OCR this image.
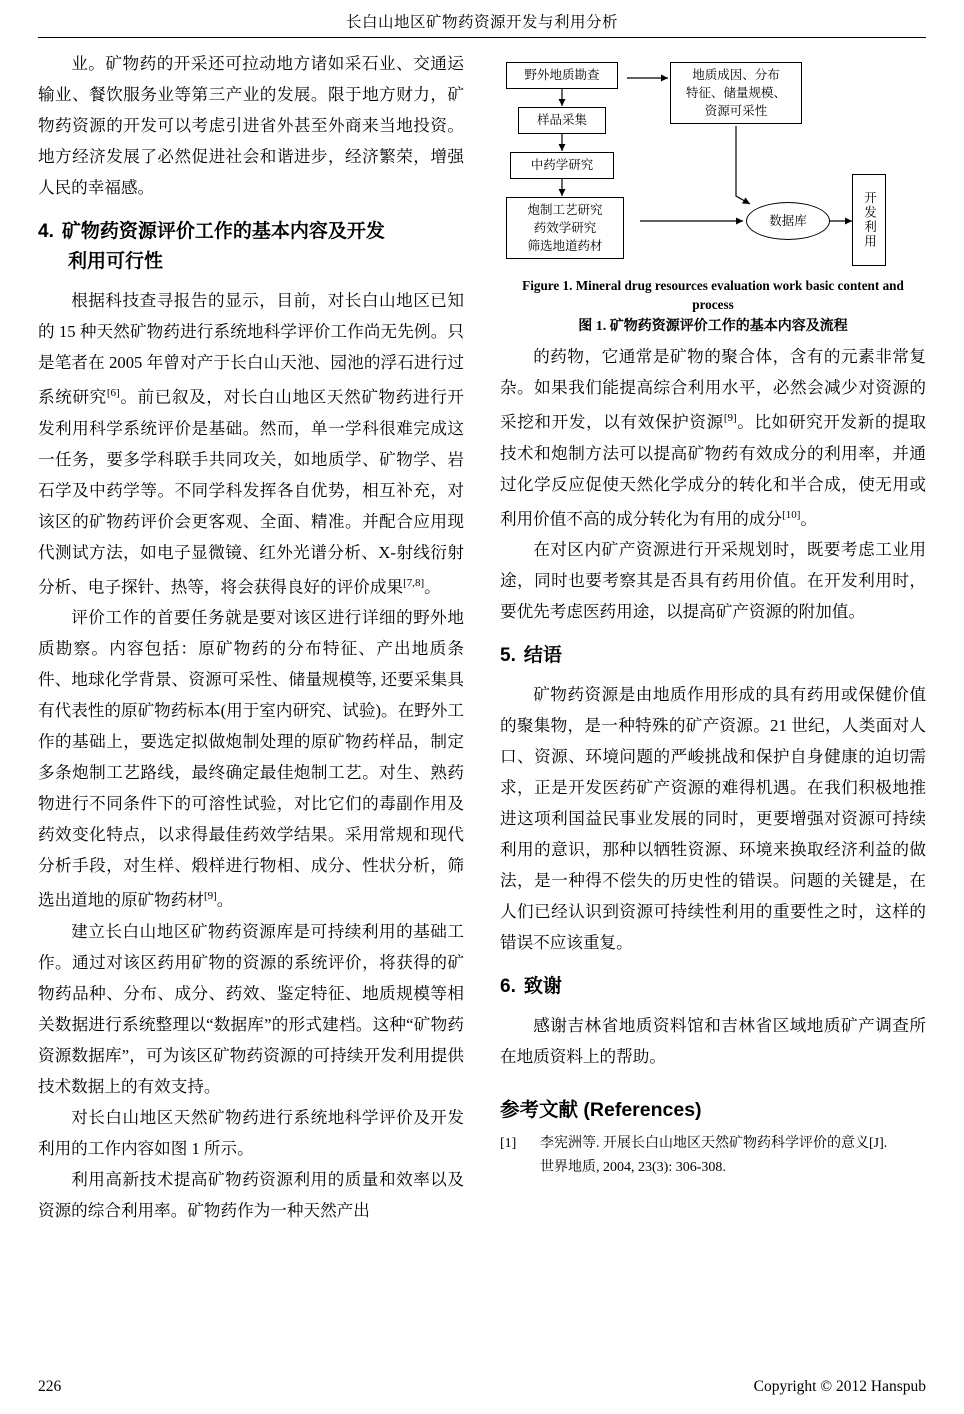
长白山地区矿物药资源开发与利用分析

业。矿物药的开采还可拉动地方诸如采石业、交通运输业、餐饮服务业等第三产业的发展。限于地方财力，矿物药资源的开发可以考虑引进省外甚至外商来当地投资。地方经济发展了必然促进社会和谐进步，经济繁荣，增强人民的幸福感。

4. 矿物药资源评价工作的基本内容及开发
利用可行性

根据科技查寻报告的显示，目前，对长白山地区已知的 15 种天然矿物药进行系统地科学评价工作尚无先例。只是笔者在 2005 年曾对产于长白山天池、园池的浮石进行过系统研究[6]。前已叙及，对长白山地区天然矿物药进行开发利用科学系统评价是基础。然而，单一学科很难完成这一任务，要多学科联手共同攻关，如地质学、矿物学、岩石学及中药学等。不同学科发挥各自优势，相互补充，对该区的矿物药评价会更客观、全面、精准。并配合应用现代测试方法，如电子显微镜、红外光谱分析、X-射线衍射分析、电子探针、热等，将会获得良好的评价成果[7,8]。

评价工作的首要任务就是要对该区进行详细的野外地质勘察。内容包括：原矿物药的分布特征、产出地质条件、地球化学背景、资源可采性、储量规模等, 还要采集具有代表性的原矿物药标本(用于室内研究、试验)。在野外工作的基础上，要选定拟做炮制处理的原矿物药样品，制定多条炮制工艺路线，最终确定最佳炮制工艺。对生、熟药物进行不同条件下的可溶性试验，对比它们的毒副作用及药效变化特点，以求得最佳药效学结果。采用常规和现代分析手段，对生样、煅样进行物相、成分、性状分析，筛选出道地的原矿物药材[9]。

建立长白山地区矿物药资源库是可持续利用的基础工作。通过对该区药用矿物的资源的系统评价，将获得的矿物药品种、分布、成分、药效、鉴定特征、地质规模等相关数据进行系统整理以“数据库”的形式建档。这种“矿物药资源数据库”，可为该区矿物药资源的可持续开发利用提供技术数据上的有效支持。

对长白山地区天然矿物药进行系统地科学评价及开发利用的工作内容如图 1 所示。

利用高新技术提高矿物药资源利用的质量和效率以及资源的综合利用率。矿物药作为一种天然产出

野外地质勘查
样品采集
中药学研究
炮制工艺研究
药效学研究
筛选地道药材
地质成因、分布
特征、储量规模、
资源可采性
数据库	开发利用
Figure 1. Mineral drug resources evaluation work basic content and process
图 1. 矿物药资源评价工作的基本内容及流程

的药物，它通常是矿物的聚合体，含有的元素非常复杂。如果我们能提高综合利用水平，必然会减少对资源的采挖和开发，以有效保护资源[9]。比如研究开发新的提取技术和炮制方法可以提高矿物药有效成分的利用率，并通过化学反应促使天然化学成分的转化和半合成，使无用或利用价值不高的成分转化为有用的成分[10]。

在对区内矿产资源进行开采规划时，既要考虑工业用途，同时也要考察其是否具有药用价值。在开发利用时，要优先考虑医药用途，以提高矿产资源的附加值。

5. 结语

矿物药资源是由地质作用形成的具有药用或保健价值的聚集物，是一种特殊的矿产资源。21 世纪，人类面对人口、资源、环境问题的严峻挑战和保护自身健康的迫切需求，正是开发医药矿产资源的难得机遇。在我们积极地推进这项利国益民事业发展的同时，更要增强对资源可持续利用的意识，那种以牺牲资源、环境来换取经济利益的做法，是一种得不偿失的历史性的错误。问题的关键是，在人们已经认识到资源可持续性利用的重要性之时，这样的错误不应该重复。

6. 致谢

感谢吉林省地质资料馆和吉林省区域地质矿产调查所在地质资料上的帮助。

参考文献 (References)
[1]	李宪洲等. 开展长白山地区天然矿物药科学评价的意义[J].
世界地质, 2004, 23(3): 306-308.
226	Copyright © 2012 Hanspub
